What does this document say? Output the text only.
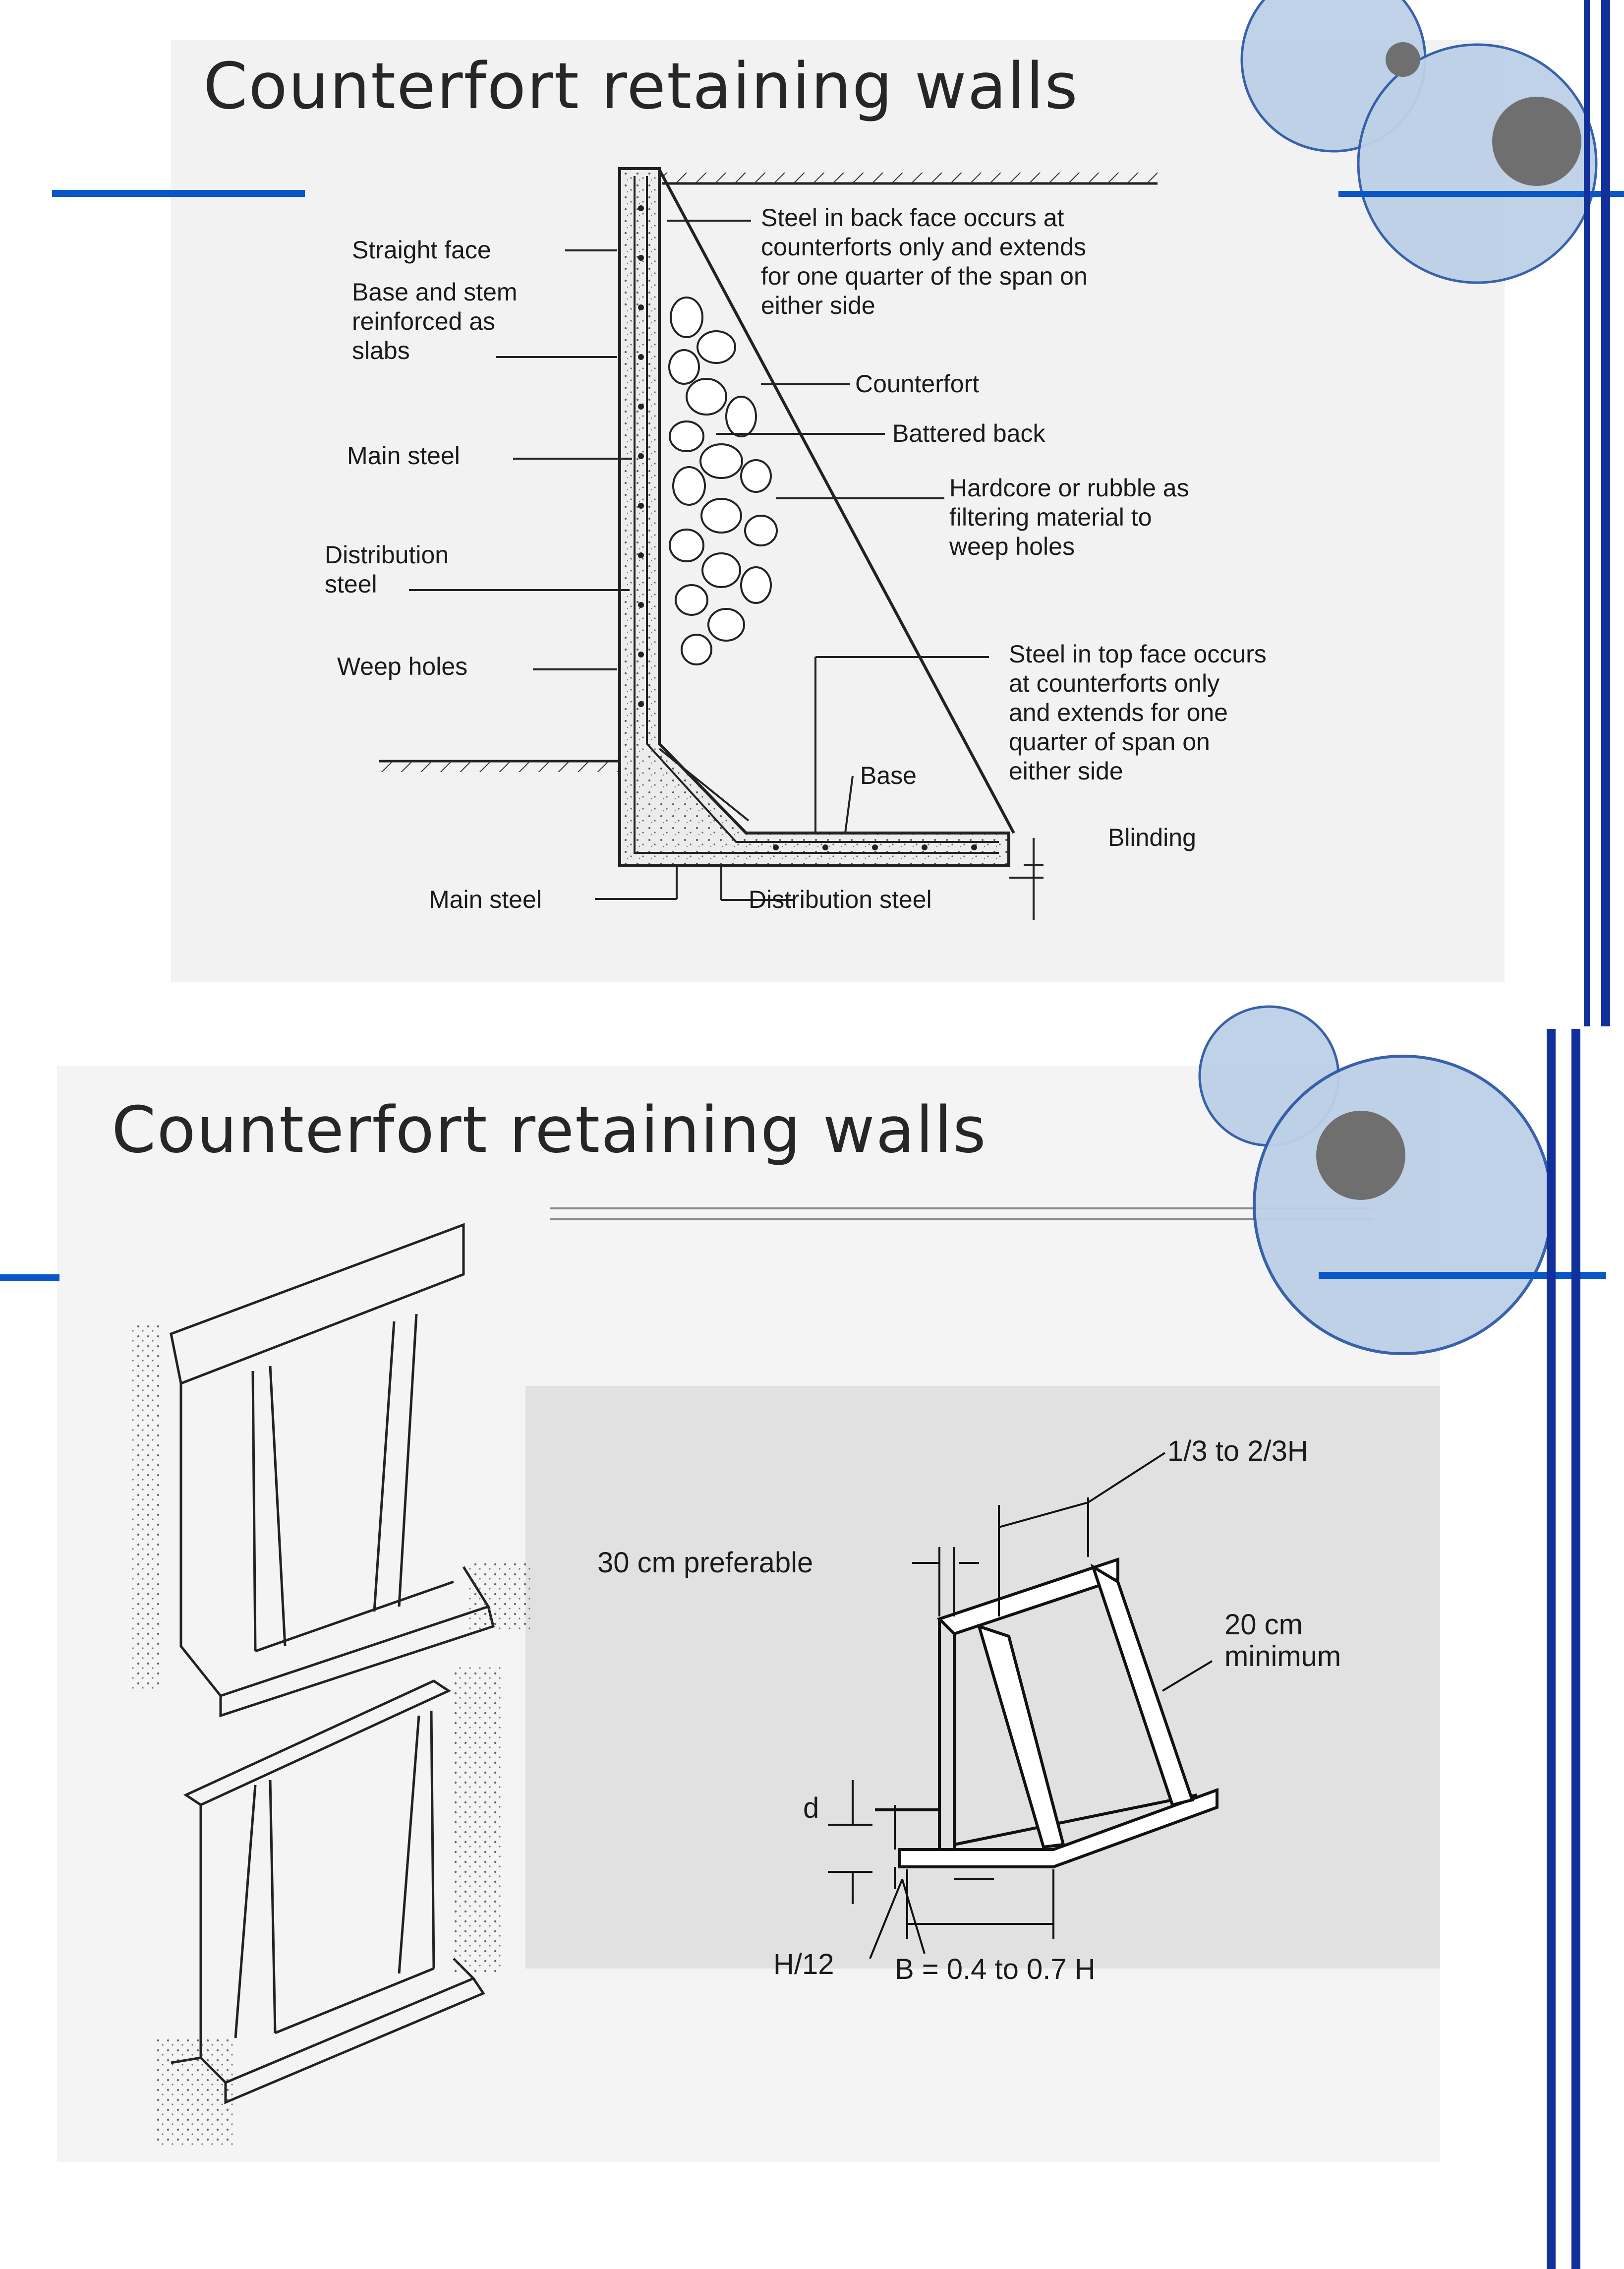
Counterfort retaining walls
Straight face
Base and stem
reinforced as
slabs
Main steel
Distribution
steel
Weep holes
Main steel
Steel in back face occurs at
counterforts only and extends
for one quarter of the span on
either side
Counterfort
Battered back
Hardcore or rubble as
filtering material to
weep holes
Steel in top face occurs
at counterforts only
and extends for one
quarter of span on
either side
Base
Blinding
Distribution steel
Counterfort retaining walls
1/3 to 2/3H
30 cm preferable
20 cm
minimum
d
H/12 B = 0.4 to 0.7 H
